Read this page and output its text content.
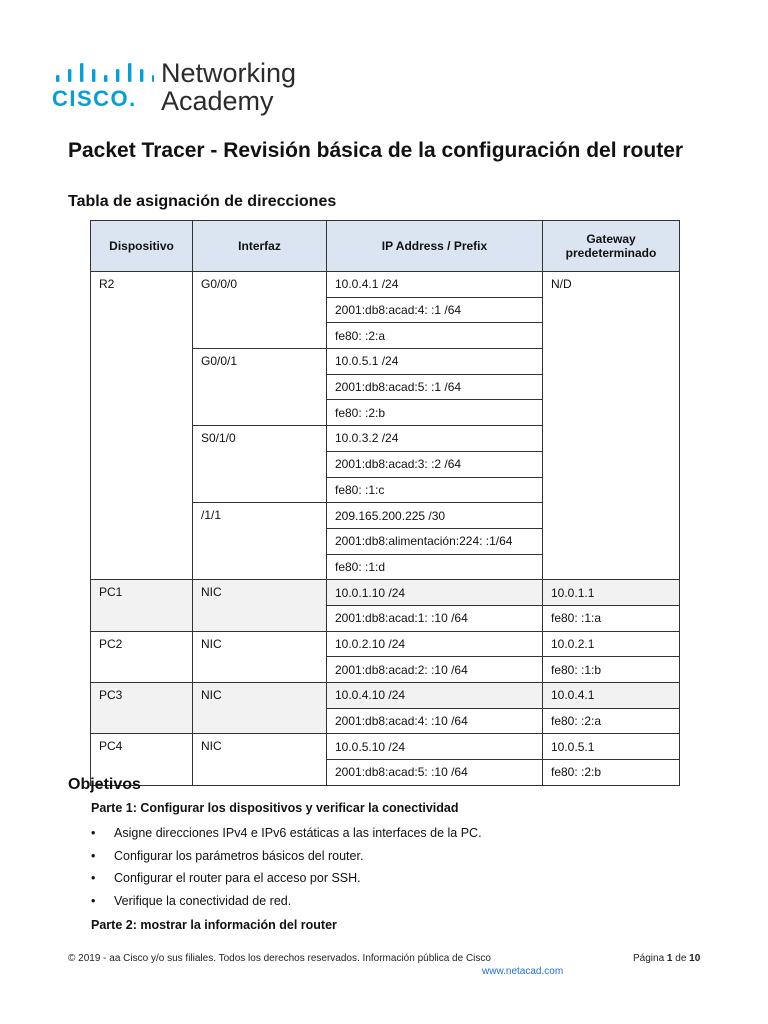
CISCO.
Networking
Academy
Packet Tracer - Revisión básica de la configuración del router
Tabla de asignación de direcciones
Dispositivo	Interfaz	IP Address / Prefix	Gateway predeterminado
R2	G0/0/0	10.0.4.1 /24	N/D
		2001:db8:acad:4: :1 /64	
		fe80: :2:a	
	G0/0/1	10.0.5.1 /24	
		2001:db8:acad:5: :1 /64	
		fe80: :2:b	
	S0/1/0	10.0.3.2 /24	
		2001:db8:acad:3: :2 /64	
		fe80: :1:c	
	/1/1	209.165.200.225 /30	
		2001:db8:alimentación:224: :1/64	
		fe80: :1:d	
PC1	NIC	10.0.1.10 /24	10.0.1.1
		2001:db8:acad:1: :10 /64	fe80: :1:a
PC2	NIC	10.0.2.10 /24	10.0.2.1
		2001:db8:acad:2: :10 /64	fe80: :1:b
PC3	NIC	10.0.4.10 /24	10.0.4.1
		2001:db8:acad:4: :10 /64	fe80: :2:a
PC4	NIC	10.0.5.10 /24	10.0.5.1
		2001:db8:acad:5: :10 /64	fe80: :2:b
Objetivos
Parte 1: Configurar los dispositivos y verificar la conectividad
• Asigne direcciones IPv4 e IPv6 estáticas a las interfaces de la PC.
• Configurar los parámetros básicos del router.
• Configurar el router para el acceso por SSH.
• Verifique la conectividad de red.
Parte 2: mostrar la información del router
© 2019 - aa Cisco y/o sus filiales. Todos los derechos reservados. Información pública de Cisco	Página 1 de 10
www.netacad.com
